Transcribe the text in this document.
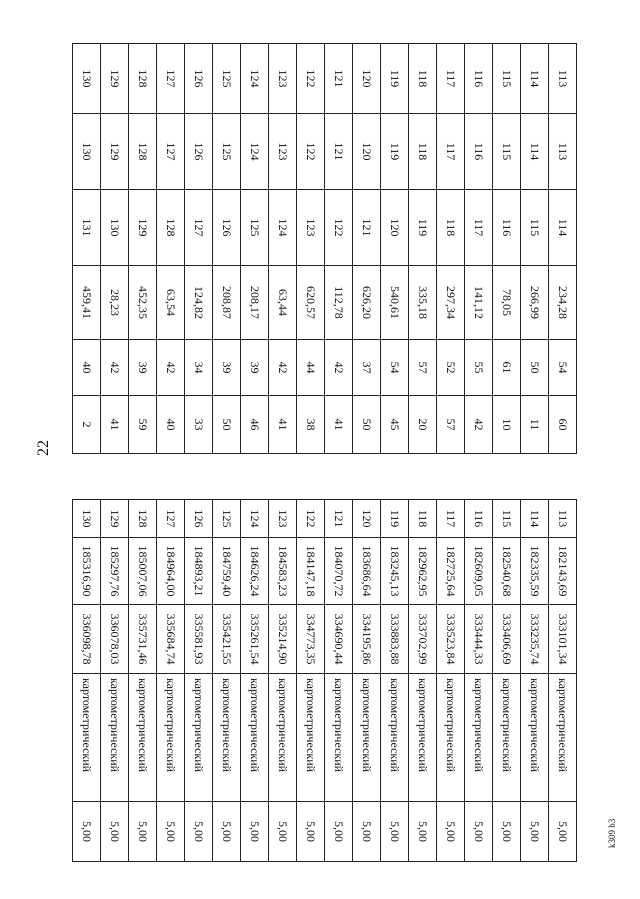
22
113	113	114	234,28	54	60
114	114	115	266,99	50	11
115	115	116	78,05	61	10
116	116	117	141,12	55	42
117	117	118	297,34	52	57
118	118	119	335,18	57	20
119	119	120	540,61	54	45
120	120	121	626,20	37	50
121	121	122	112,78	42	41
122	122	123	620,57	44	38
123	123	124	63,44	42	41
124	124	125	208,17	39	46
125	125	126	208,87	39	50
126	126	127	124,82	34	33
127	127	128	63,54	42	40
128	128	129	452,35	39	59
129	129	130	28,23	42	41
130	130	131	459,41	40	2
113	182143,69	333101,34	картометрический	5,00
114	182335,59	333235,74	картометрический	5,00
115	182540,68	333406,69	картометрический	5,00
116	182609,05	333444,33	картометрический	5,00
117	182725,64	333523,84	картометрический	5,00
118	182962,95	333702,99	картометрический	5,00
119	183245,13	333883,88	картометрический	5,00
120	183686,64	334195,86	картометрический	5,00
121	184070,72	334690,44	картометрический	5,00
122	184147,18	334773,35	картометрический	5,00
123	184583,23	335214,90	картометрический	5,00
124	184626,24	335261,54	картометрический	5,00
125	184759,40	335421,55	картометрический	5,00
126	184893,21	335581,93	картометрический	5,00
127	184964,00	335684,74	картометрический	5,00
128	185007,06	335731,46	картометрический	5,00
129	185297,76	336078,03	картометрический	5,00
130	185316,90	336098,78	картометрический	5,00	k309 b3
